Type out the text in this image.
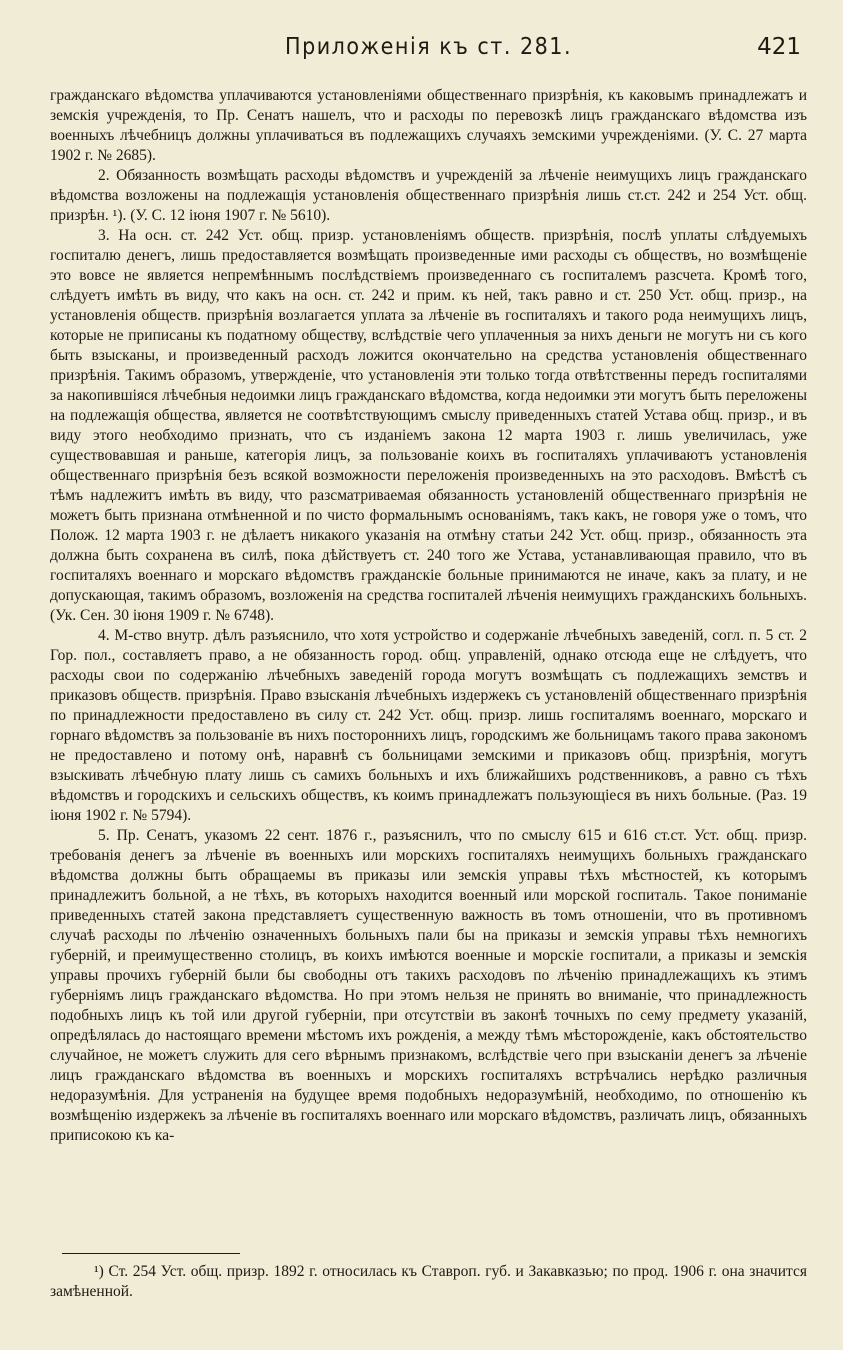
Приложенія къ ст. 281.	421

гражданскаго вѣдомства уплачиваются установленіями общественнаго призрѣнія, къ каковымъ принадлежатъ и земскія учрежденія, то Пр. Сенатъ нашелъ, что и расходы по перевозкѣ лицъ гражданскаго вѣдомства изъ военныхъ лѣчебницъ должны уплачиваться въ подлежащихъ случаяхъ земскими учрежденіями. (У. С. 27 марта 1902 г. № 2685).

2. Обязанность возмѣщать расходы вѣдомствъ и учрежденій за лѣченіе неимущихъ лицъ гражданскаго вѣдомства возложены на подлежащія установленія общественнаго призрѣнія лишь ст.ст. 242 и 254 Уст. общ. призрѣн. ¹). (У. С. 12 іюня 1907 г. № 5610).

3. На осн. ст. 242 Уст. общ. призр. установленіямъ обществ. призрѣнія, послѣ уплаты слѣдуемыхъ госпиталю денегъ, лишь предоставляется возмѣщать произведенные ими расходы съ обществъ, но возмѣщеніе это вовсе не является непремѣннымъ послѣдствіемъ произведеннаго съ госпиталемъ разсчета. Кромѣ того, слѣдуетъ имѣть въ виду, что какъ на осн. ст. 242 и прим. къ ней, такъ равно и ст. 250 Уст. общ. призр., на установленія обществ. призрѣнія возлагается уплата за лѣченіе въ госпиталяхъ и такого рода неимущихъ лицъ, которые не приписаны къ податному обществу, вслѣдствіе чего уплаченныя за нихъ деньги не могутъ ни съ кого быть взысканы, и произведенный расходъ ложится окончательно на средства установленія общественнаго призрѣнія. Такимъ образомъ, утвержденіе, что установленія эти только тогда отвѣтственны передъ госпиталями за накопившіяся лѣчебныя недоимки лицъ гражданскаго вѣдомства, когда недоимки эти могутъ быть переложены на подлежащія общества, является не соотвѣтствующимъ смыслу приведенныхъ статей Устава общ. призр., и въ виду этого необходимо признать, что съ изданіемъ закона 12 марта 1903 г. лишь увеличилась, уже существовавшая и раньше, категорія лицъ, за пользованіе коихъ въ госпиталяхъ уплачиваютъ установленія общественнаго призрѣнія безъ всякой возможности переложенія произведенныхъ на это расходовъ. Вмѣстѣ съ тѣмъ надлежитъ имѣть въ виду, что разсматриваемая обязанность установленій общественнаго призрѣнія не можетъ быть признана отмѣненной и по чисто формальнымъ основаніямъ, такъ какъ, не говоря уже о томъ, что Полож. 12 марта 1903 г. не дѣлаетъ никакого указанія на отмѣну статьи 242 Уст. общ. призр., обязанность эта должна быть сохранена въ силѣ, пока дѣйствуетъ ст. 240 того же Устава, устанавливающая правило, что въ госпиталяхъ военнаго и морскаго вѣдомствъ гражданскіе больные принимаются не иначе, какъ за плату, и не допускающая, такимъ образомъ, возложенія на средства госпиталей лѣченія неимущихъ гражданскихъ больныхъ. (Ук. Сен. 30 іюня 1909 г. № 6748).

4. М-ство внутр. дѣлъ разъяснило, что хотя устройство и содержаніе лѣчебныхъ заведеній, согл. п. 5 ст. 2 Гор. пол., составляетъ право, а не обязанность город. общ. управленій, однако отсюда еще не слѣдуетъ, что расходы свои по содержанію лѣчебныхъ заведеній города могутъ возмѣщать съ подлежащихъ земствъ и приказовъ обществ. призрѣнія. Право взысканія лѣчебныхъ издержекъ съ установленій общественнаго призрѣнія по принадлежности предоставлено въ силу ст. 242 Уст. общ. призр. лишь госпиталямъ военнаго, морскаго и горнаго вѣдомствъ за пользованіе въ нихъ постороннихъ лицъ, городскимъ же больницамъ такого права закономъ не предоставлено и потому онѣ, наравнѣ съ больницами земскими и приказовъ общ. призрѣнія, могутъ взыскивать лѣчебную плату лишь съ самихъ больныхъ и ихъ ближайшихъ родственниковъ, а равно съ тѣхъ вѣдомствъ и городскихъ и сельскихъ обществъ, къ коимъ принадлежатъ пользующіеся въ нихъ больные. (Раз. 19 іюня 1902 г. № 5794).

5. Пр. Сенатъ, указомъ 22 сент. 1876 г., разъяснилъ, что по смыслу 615 и 616 ст.ст. Уст. общ. призр. требованія денегъ за лѣченіе въ военныхъ или морскихъ госпиталяхъ неимущихъ больныхъ гражданскаго вѣдомства должны быть обращаемы въ приказы или земскія управы тѣхъ мѣстностей, къ которымъ принадлежитъ больной, а не тѣхъ, въ которыхъ находится военный или морской госпиталь. Такое пониманіе приведенныхъ статей закона представляетъ существенную важность въ томъ отношеніи, что въ противномъ случаѣ расходы по лѣченію означенныхъ больныхъ пали бы на приказы и земскія управы тѣхъ немногихъ губерній, и преимущественно столицъ, въ коихъ имѣются военные и морскіе госпитали, а приказы и земскія управы прочихъ губерній были бы свободны отъ такихъ расходовъ по лѣченію принадлежащихъ къ этимъ губерніямъ лицъ гражданскаго вѣдомства. Но при этомъ нельзя не принять во вниманіе, что принадлежность подобныхъ лицъ къ той или другой губерніи, при отсутствіи въ законѣ точныхъ по сему предмету указаній, опредѣлялась до настоящаго времени мѣстомъ ихъ рожденія, а между тѣмъ мѣсторожденіе, какъ обстоятельство случайное, не можетъ служить для сего вѣрнымъ признакомъ, вслѣдствіе чего при взысканіи денегъ за лѣченіе лицъ гражданскаго вѣдомства въ военныхъ и морскихъ госпиталяхъ встрѣчались нерѣдко различныя недоразумѣнія. Для устраненія на будущее время подобныхъ недоразумѣній, необходимо, по отношенію къ возмѣщенію издержекъ за лѣченіе въ госпиталяхъ военнаго или морскаго вѣдомствъ, различать лицъ, обязанныхъ приписокою къ ка-

¹) Ст. 254 Уст. общ. призр. 1892 г. относилась къ Ставроп. губ. и Закавказью; по прод. 1906 г. она значится замѣненной.
